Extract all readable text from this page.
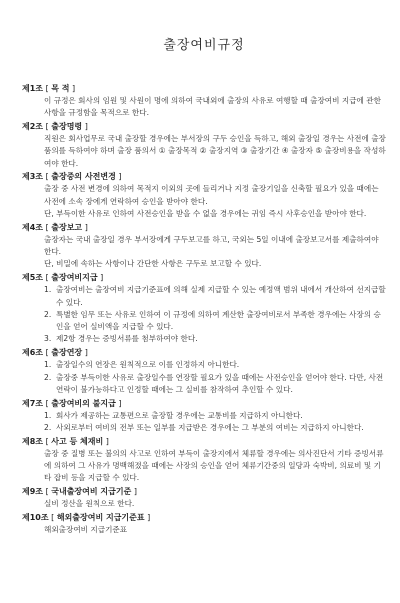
출장여비규정
제1조 [ 목 적 ]

이 규정은 회사의 임원 및 사원이 명에 의하여 국내외에 출장의 사유로 여행할 때 출장여비 지급에 관한 사항을 규정함을 목적으로 한다.

제2조 [ 출장명령 ]

직원은 회사업무로 국내 출장할 경우에는 부서장의 구두 승인을 득하고, 해외 출장일 경우는 사전에 출장품의를 득하여야 하며 출장 품의서 ① 출장목적 ② 출장지역 ③ 출장기간 ④ 출장자 ⑤ 출장비용을 작성하여야 한다.

제3조 [ 출장중의 사전변경 ]

출장 중 사전 변경에 의하여 목적지 이외의 곳에 들리거나 지정 출장기일을 신축할 필요가 있을 때에는 사전에 소속 장에게 연락하여 승인을 받아야 한다.

단, 부득이한 사유로 인하여 사전승인을 받을 수 없을 경우에는 귀임 즉시 사후승인을 받아야 한다.

제4조 [ 출장보고 ]

출장자는 국내 출장일 경우 부서장에게 구두보고를 하고, 국외는 5일 이내에 출장보고서를 제출하여야 한다.

단, 비밀에 속하는 사항이나 간단한 사항은 구두로 보고할 수 있다.

제5조 [ 출장여비지급 ]
1. 출장여비는 출장여비 지급기준표에 의해 실제 지급할 수 있는 예정액 범위 내에서 개산하여 선지급할 수 있다.
2. 특별한 임무 또는 사유로 인하여 이 규정에 의하여 계산한 출장여비로서 부족한 경우에는 사장의 승인을 얻어 실비액을 지급할 수 있다.
3. 제2항 경우는 증빙서류를 첨부하여야 한다.
제6조 [ 출장연장 ]
1. 출장일수의 연장은 원칙적으로 이를 인정하지 아니한다.
2. 출장중 부득이한 사유로 출장일수를 연장할 필요가 있을 때에는 사전승인을 얻어야 한다. 다만, 사전연락이 불가능하다고 인정할 때에는 그 실비를 참작하여 추인할 수 있다.
제7조 [ 출장여비의 불지급 ]
1. 회사가 제공하는 교통편으로 출장할 경우에는 교통비를 지급하지 아니한다.
2. 사외로부터 여비의 전부 또는 일부를 지급받은 경우에는 그 부분의 여비는 지급하지 아니한다.
제8조 [ 사고 등 체재비 ]

출장 중 질병 또는 불의의 사고로 인하여 부득이 출장지에서 체류할 경우에는 의사진단서 기타 증빙서류에 의하여 그 사유가 명백해졌을 때에는 사장의 승인을 얻어 체류기간중의 일당과 숙박비, 의료비 및 기타 잡비 등을 지급할 수 있다.

제9조 [ 국내출장여비 지급기준 ]

실비 정산을 원칙으로 한다.

제10조 [ 해외출장여비 지급기준표 ]

해외출장여비 지급기준표
